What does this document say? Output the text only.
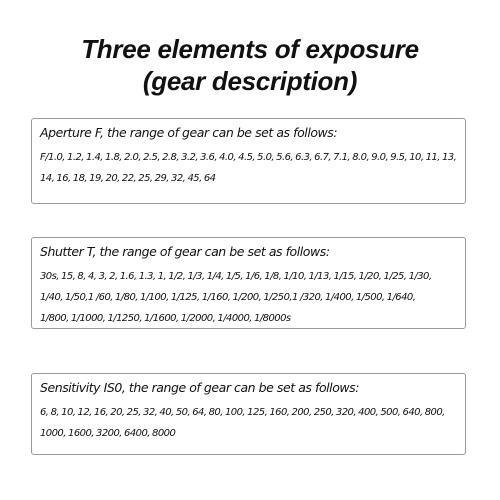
Three elements of exposure
(gear description)

Aperture F, the range of gear can be set as follows:

F/1.0, 1.2, 1.4, 1.8, 2.0, 2.5, 2.8, 3.2, 3.6, 4.0, 4.5, 5.0, 5.6, 6.3, 6.7, 7.1, 8.0, 9.0, 9.5, 10, 11, 13,
14, 16, 18, 19, 20, 22, 25, 29, 32, 45, 64

Shutter T, the range of gear can be set as follows:

30s, 15, 8, 4, 3, 2, 1.6, 1.3, 1, 1/2, 1/3, 1/4, 1/5, 1/6, 1/8, 1/10, 1/13, 1/15, 1/20, 1/25, 1/30,
1/40, 1/50,1 /60, 1/80, 1/100, 1/125, 1/160, 1/200, 1/250,1 /320, 1/400, 1/500, 1/640,
1/800, 1/1000, 1/1250, 1/1600, 1/2000, 1/4000, 1/8000s

Sensitivity IS0, the range of gear can be set as follows:

6, 8, 10, 12, 16, 20, 25, 32, 40, 50, 64, 80, 100, 125, 160, 200, 250, 320, 400, 500, 640, 800,
1000, 1600, 3200, 6400, 8000
